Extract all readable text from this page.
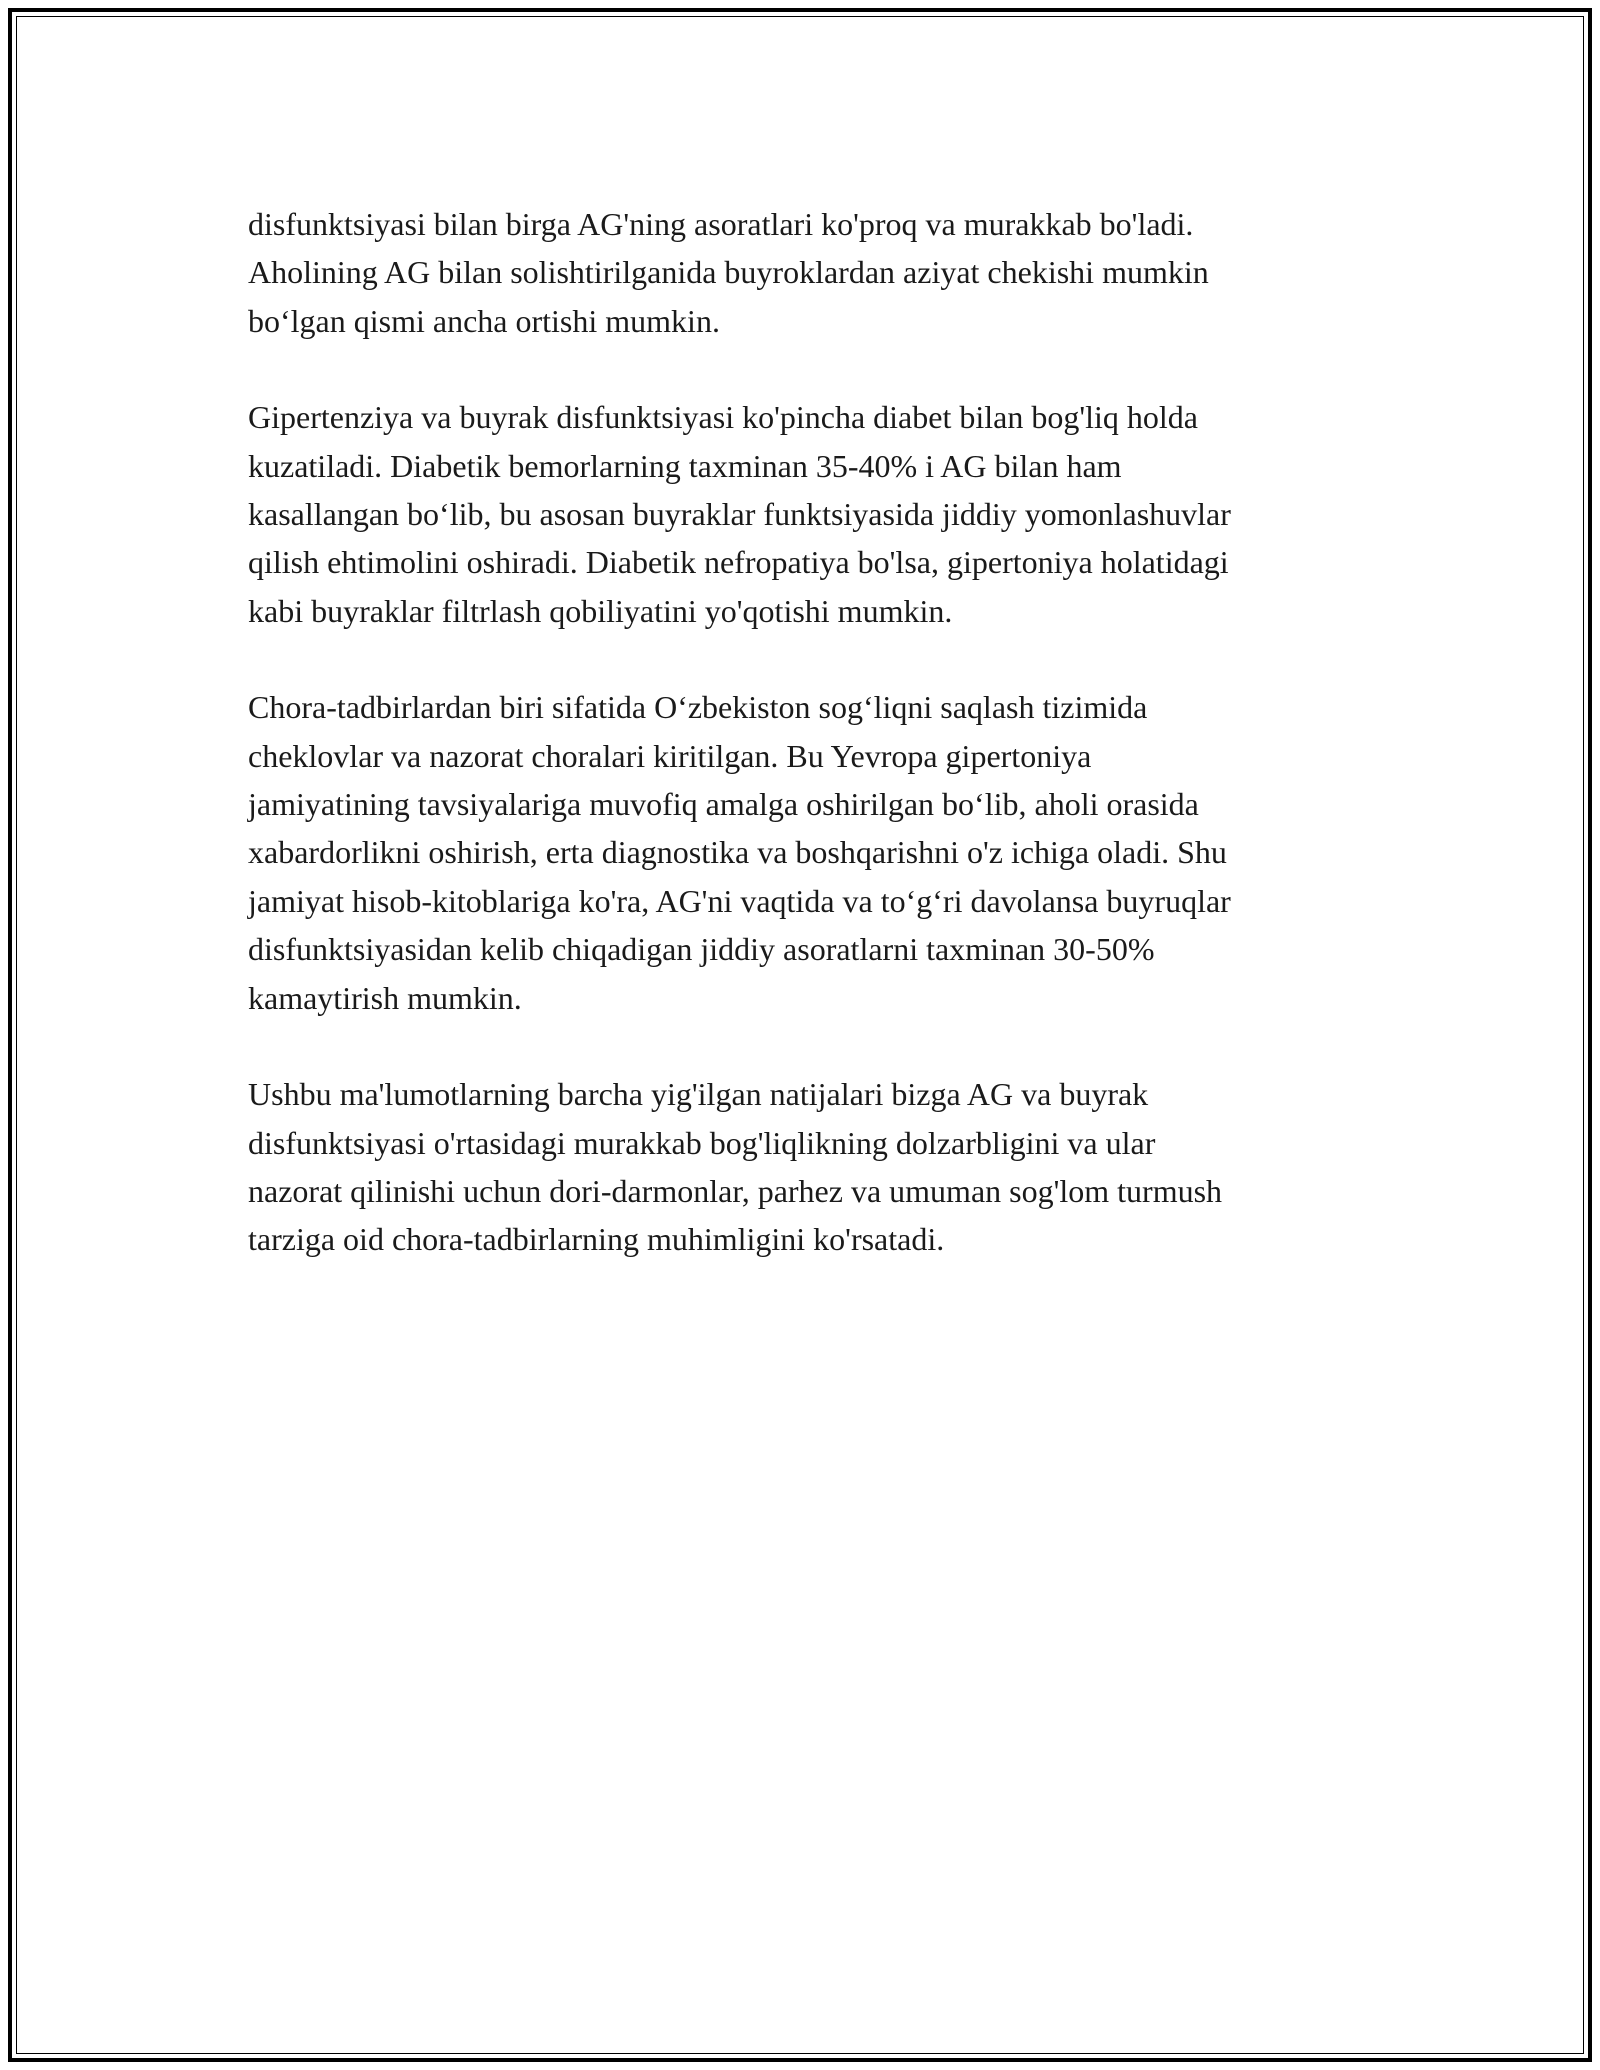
disfunktsiyasi bilan birga AG'ning asoratlari ko'proq va murakkab bo'ladi.
Aholining AG bilan solishtirilganida buyroklardan aziyat chekishi mumkin
bo‘lgan qismi ancha ortishi mumkin.

Gipertenziya va buyrak disfunktsiyasi ko'pincha diabet bilan bog'liq holda
kuzatiladi. Diabetik bemorlarning taxminan 35-40% i AG bilan ham
kasallangan bo‘lib, bu asosan buyraklar funktsiyasida jiddiy yomonlashuvlar
qilish ehtimolini oshiradi. Diabetik nefropatiya bo'lsa, gipertoniya holatidagi
kabi buyraklar filtrlash qobiliyatini yo'qotishi mumkin.

Chora-tadbirlardan biri sifatida O‘zbekiston sog‘liqni saqlash tizimida
cheklovlar va nazorat choralari kiritilgan. Bu Yevropa gipertoniya
jamiyatining tavsiyalariga muvofiq amalga oshirilgan bo‘lib, aholi orasida
xabardorlikni oshirish, erta diagnostika va boshqarishni o'z ichiga oladi. Shu
jamiyat hisob-kitoblariga ko'ra, AG'ni vaqtida va to‘g‘ri davolansa buyruqlar
disfunktsiyasidan kelib chiqadigan jiddiy asoratlarni taxminan 30-50%
kamaytirish mumkin.

Ushbu ma'lumotlarning barcha yig'ilgan natijalari bizga AG va buyrak
disfunktsiyasi o'rtasidagi murakkab bog'liqlikning dolzarbligini va ular
nazorat qilinishi uchun dori-darmonlar, parhez va umuman sog'lom turmush
tarziga oid chora-tadbirlarning muhimligini ko'rsatadi.
